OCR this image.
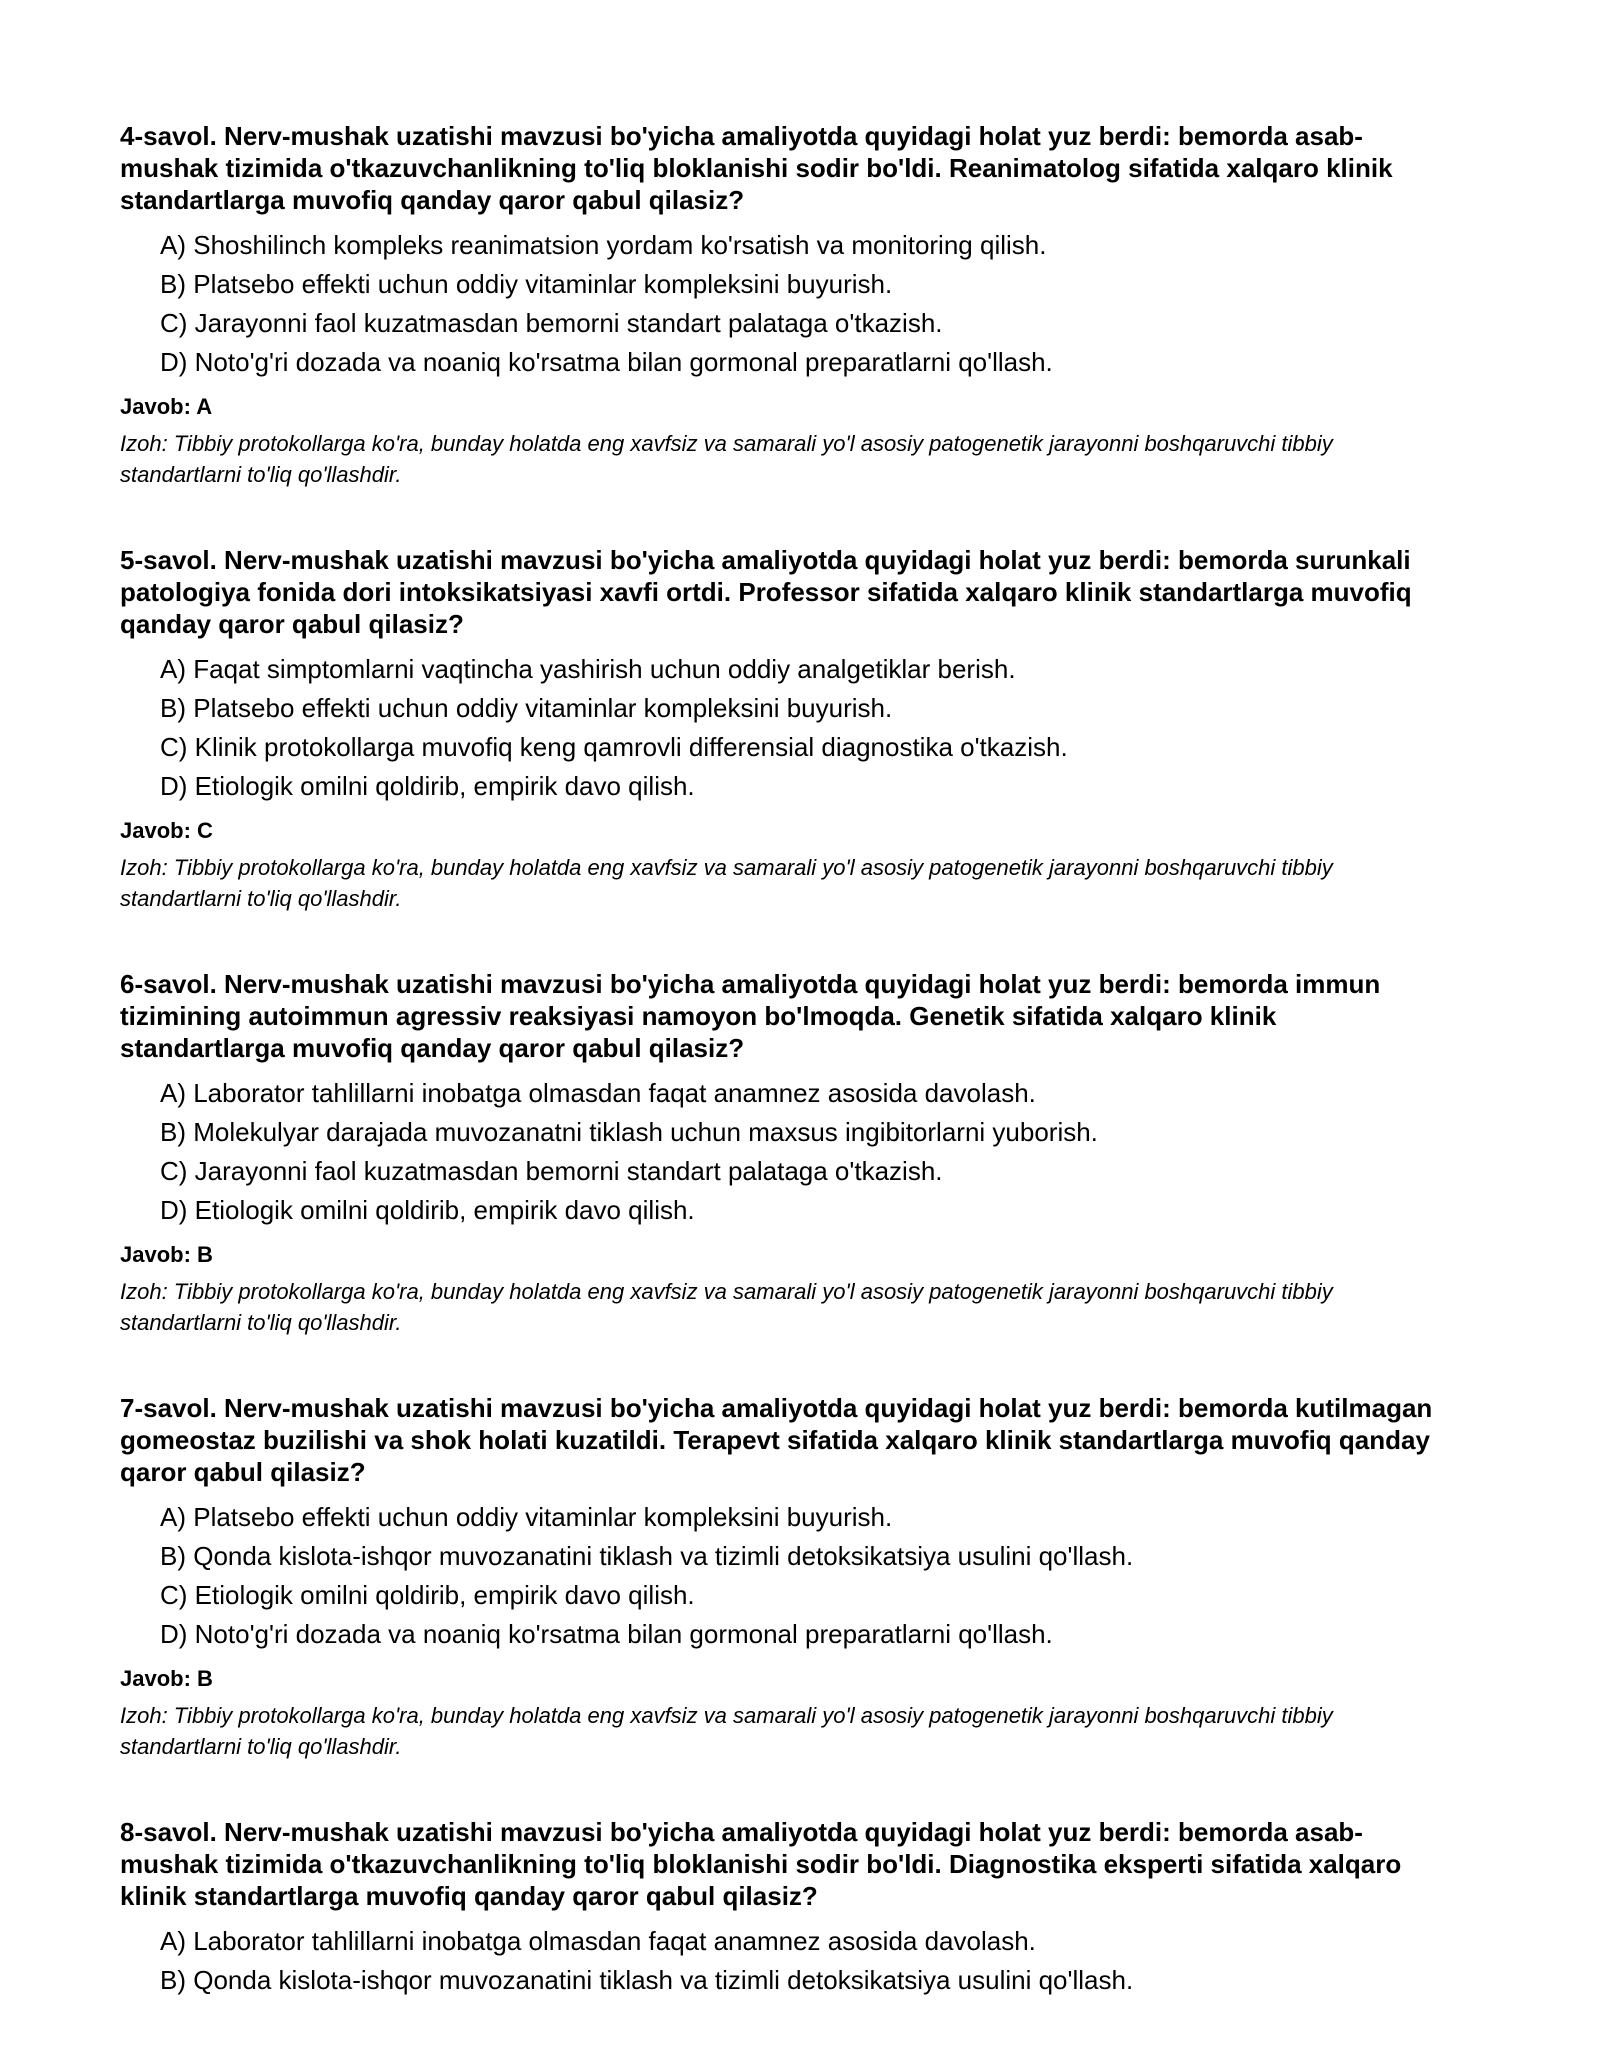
4-savol. Nerv-mushak uzatishi mavzusi bo'yicha amaliyotda quyidagi holat yuz berdi: bemorda asab-mushak tizimida o'tkazuvchanlikning to'liq bloklanishi sodir bo'ldi. Reanimatolog sifatida xalqaro klinik standartlarga muvofiq qanday qaror qabul qilasiz?

A) Shoshilinch kompleks reanimatsion yordam ko'rsatish va monitoring qilish.
B) Platsebo effekti uchun oddiy vitaminlar kompleksini buyurish.
C) Jarayonni faol kuzatmasdan bemorni standart palataga o'tkazish.
D) Noto'g'ri dozada va noaniq ko'rsatma bilan gormonal preparatlarni qo'llash.

Javob: A

Izoh: Tibbiy protokollarga ko'ra, bunday holatda eng xavfsiz va samarali yo'l asosiy patogenetik jarayonni boshqaruvchi tibbiy standartlarni to'liq qo'llashdir.

5-savol. Nerv-mushak uzatishi mavzusi bo'yicha amaliyotda quyidagi holat yuz berdi: bemorda surunkali patologiya fonida dori intoksikatsiyasi xavfi ortdi. Professor sifatida xalqaro klinik standartlarga muvofiq qanday qaror qabul qilasiz?

A) Faqat simptomlarni vaqtincha yashirish uchun oddiy analgetiklar berish.
B) Platsebo effekti uchun oddiy vitaminlar kompleksini buyurish.
C) Klinik protokollarga muvofiq keng qamrovli differensial diagnostika o'tkazish.
D) Etiologik omilni qoldirib, empirik davo qilish.

Javob: C

Izoh: Tibbiy protokollarga ko'ra, bunday holatda eng xavfsiz va samarali yo'l asosiy patogenetik jarayonni boshqaruvchi tibbiy standartlarni to'liq qo'llashdir.

6-savol. Nerv-mushak uzatishi mavzusi bo'yicha amaliyotda quyidagi holat yuz berdi: bemorda immun tizimining autoimmun agressiv reaksiyasi namoyon bo'lmoqda. Genetik sifatida xalqaro klinik standartlarga muvofiq qanday qaror qabul qilasiz?

A) Laborator tahlillarni inobatga olmasdan faqat anamnez asosida davolash.
B) Molekulyar darajada muvozanatni tiklash uchun maxsus ingibitorlarni yuborish.
C) Jarayonni faol kuzatmasdan bemorni standart palataga o'tkazish.
D) Etiologik omilni qoldirib, empirik davo qilish.

Javob: B

Izoh: Tibbiy protokollarga ko'ra, bunday holatda eng xavfsiz va samarali yo'l asosiy patogenetik jarayonni boshqaruvchi tibbiy standartlarni to'liq qo'llashdir.

7-savol. Nerv-mushak uzatishi mavzusi bo'yicha amaliyotda quyidagi holat yuz berdi: bemorda kutilmagan gomeostaz buzilishi va shok holati kuzatildi. Terapevt sifatida xalqaro klinik standartlarga muvofiq qanday qaror qabul qilasiz?

A) Platsebo effekti uchun oddiy vitaminlar kompleksini buyurish.
B) Qonda kislota-ishqor muvozanatini tiklash va tizimli detoksikatsiya usulini qo'llash.
C) Etiologik omilni qoldirib, empirik davo qilish.
D) Noto'g'ri dozada va noaniq ko'rsatma bilan gormonal preparatlarni qo'llash.

Javob: B

Izoh: Tibbiy protokollarga ko'ra, bunday holatda eng xavfsiz va samarali yo'l asosiy patogenetik jarayonni boshqaruvchi tibbiy standartlarni to'liq qo'llashdir.

8-savol. Nerv-mushak uzatishi mavzusi bo'yicha amaliyotda quyidagi holat yuz berdi: bemorda asab-mushak tizimida o'tkazuvchanlikning to'liq bloklanishi sodir bo'ldi. Diagnostika eksperti sifatida xalqaro klinik standartlarga muvofiq qanday qaror qabul qilasiz?

A) Laborator tahlillarni inobatga olmasdan faqat anamnez asosida davolash.
B) Qonda kislota-ishqor muvozanatini tiklash va tizimli detoksikatsiya usulini qo'llash.
